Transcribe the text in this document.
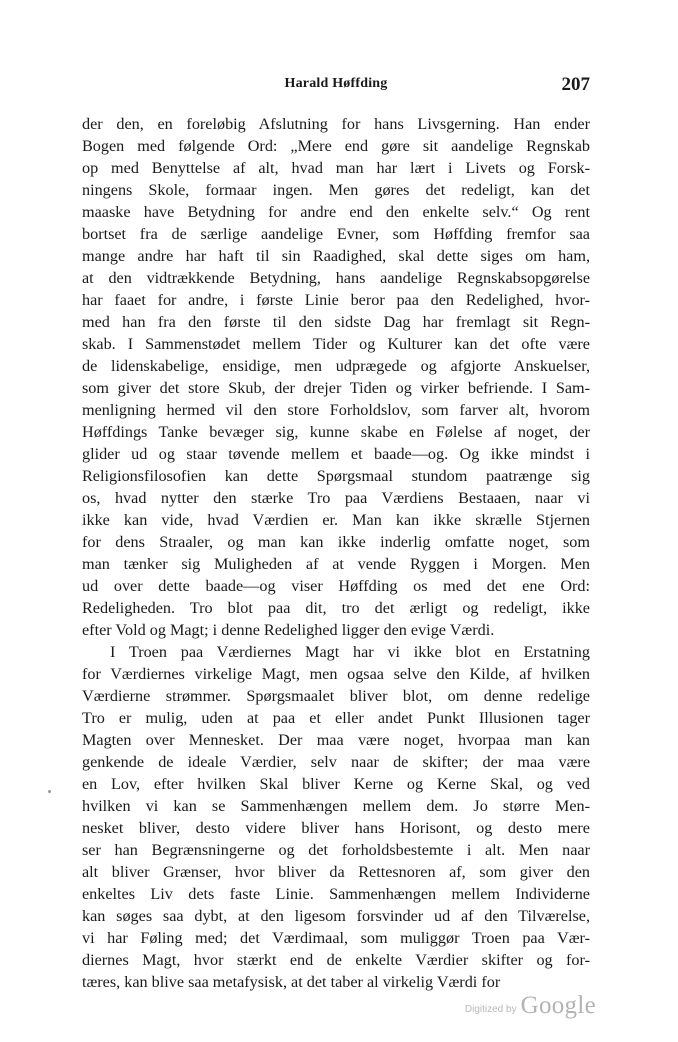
Harald Høffding	207
der den, en foreløbig Afslutning for hans Livsgerning. Han ender
Bogen med følgende Ord: „Mere end gøre sit aandelige Regnskab
op med Benyttelse af alt, hvad man har lært i Livets og Forsk-
ningens Skole, formaar ingen. Men gøres det redeligt, kan det
maaske have Betydning for andre end den enkelte selv.“ Og rent
bortset fra de særlige aandelige Evner, som Høffding fremfor saa
mange andre har haft til sin Raadighed, skal dette siges om ham,
at den vidtrækkende Betydning, hans aandelige Regnskabsopgørelse
har faaet for andre, i første Linie beror paa den Redelighed, hvor-
med han fra den første til den sidste Dag har fremlagt sit Regn-
skab. I Sammenstødet mellem Tider og Kulturer kan det ofte være
de lidenskabelige, ensidige, men udprægede og afgjorte Anskuelser,
som giver det store Skub, der drejer Tiden og virker befriende. I Sam-
menligning hermed vil den store Forholdslov, som farver alt, hvorom
Høffdings Tanke bevæger sig, kunne skabe en Følelse af noget, der
glider ud og staar tøvende mellem et baade—og. Og ikke mindst i
Religionsfilosofien kan dette Spørgsmaal stundom paatrænge sig
os, hvad nytter den stærke Tro paa Værdiens Bestaaen, naar vi
ikke kan vide, hvad Værdien er. Man kan ikke skrælle Stjernen
for dens Straaler, og man kan ikke inderlig omfatte noget, som
man tænker sig Muligheden af at vende Ryggen i Morgen. Men
ud over dette baade—og viser Høffding os med det ene Ord:
Redeligheden. Tro blot paa dit, tro det ærligt og redeligt, ikke
efter Vold og Magt; i denne Redelighed ligger den evige Værdi.
I Troen paa Værdiernes Magt har vi ikke blot en Erstatning
for Værdiernes virkelige Magt, men ogsaa selve den Kilde, af hvilken
Værdierne strømmer. Spørgsmaalet bliver blot, om denne redelige
Tro er mulig, uden at paa et eller andet Punkt Illusionen tager
Magten over Mennesket. Der maa være noget, hvorpaa man kan
genkende de ideale Værdier, selv naar de skifter; der maa være
en Lov, efter hvilken Skal bliver Kerne og Kerne Skal, og ved
hvilken vi kan se Sammenhængen mellem dem. Jo større Men-
nesket bliver, desto videre bliver hans Horisont, og desto mere
ser han Begrænsningerne og det forholdsbestemte i alt. Men naar
alt bliver Grænser, hvor bliver da Rettesnoren af, som giver den
enkeltes Liv dets faste Linie. Sammenhængen mellem Individerne
kan søges saa dybt, at den ligesom forsvinder ud af den Tilværelse,
vi har Føling med; det Værdimaal, som muliggør Troen paa Vær-
diernes Magt, hvor stærkt end de enkelte Værdier skifter og for-
tæres, kan blive saa metafysisk, at det taber al virkelig Værdi for
Digitized by Google
